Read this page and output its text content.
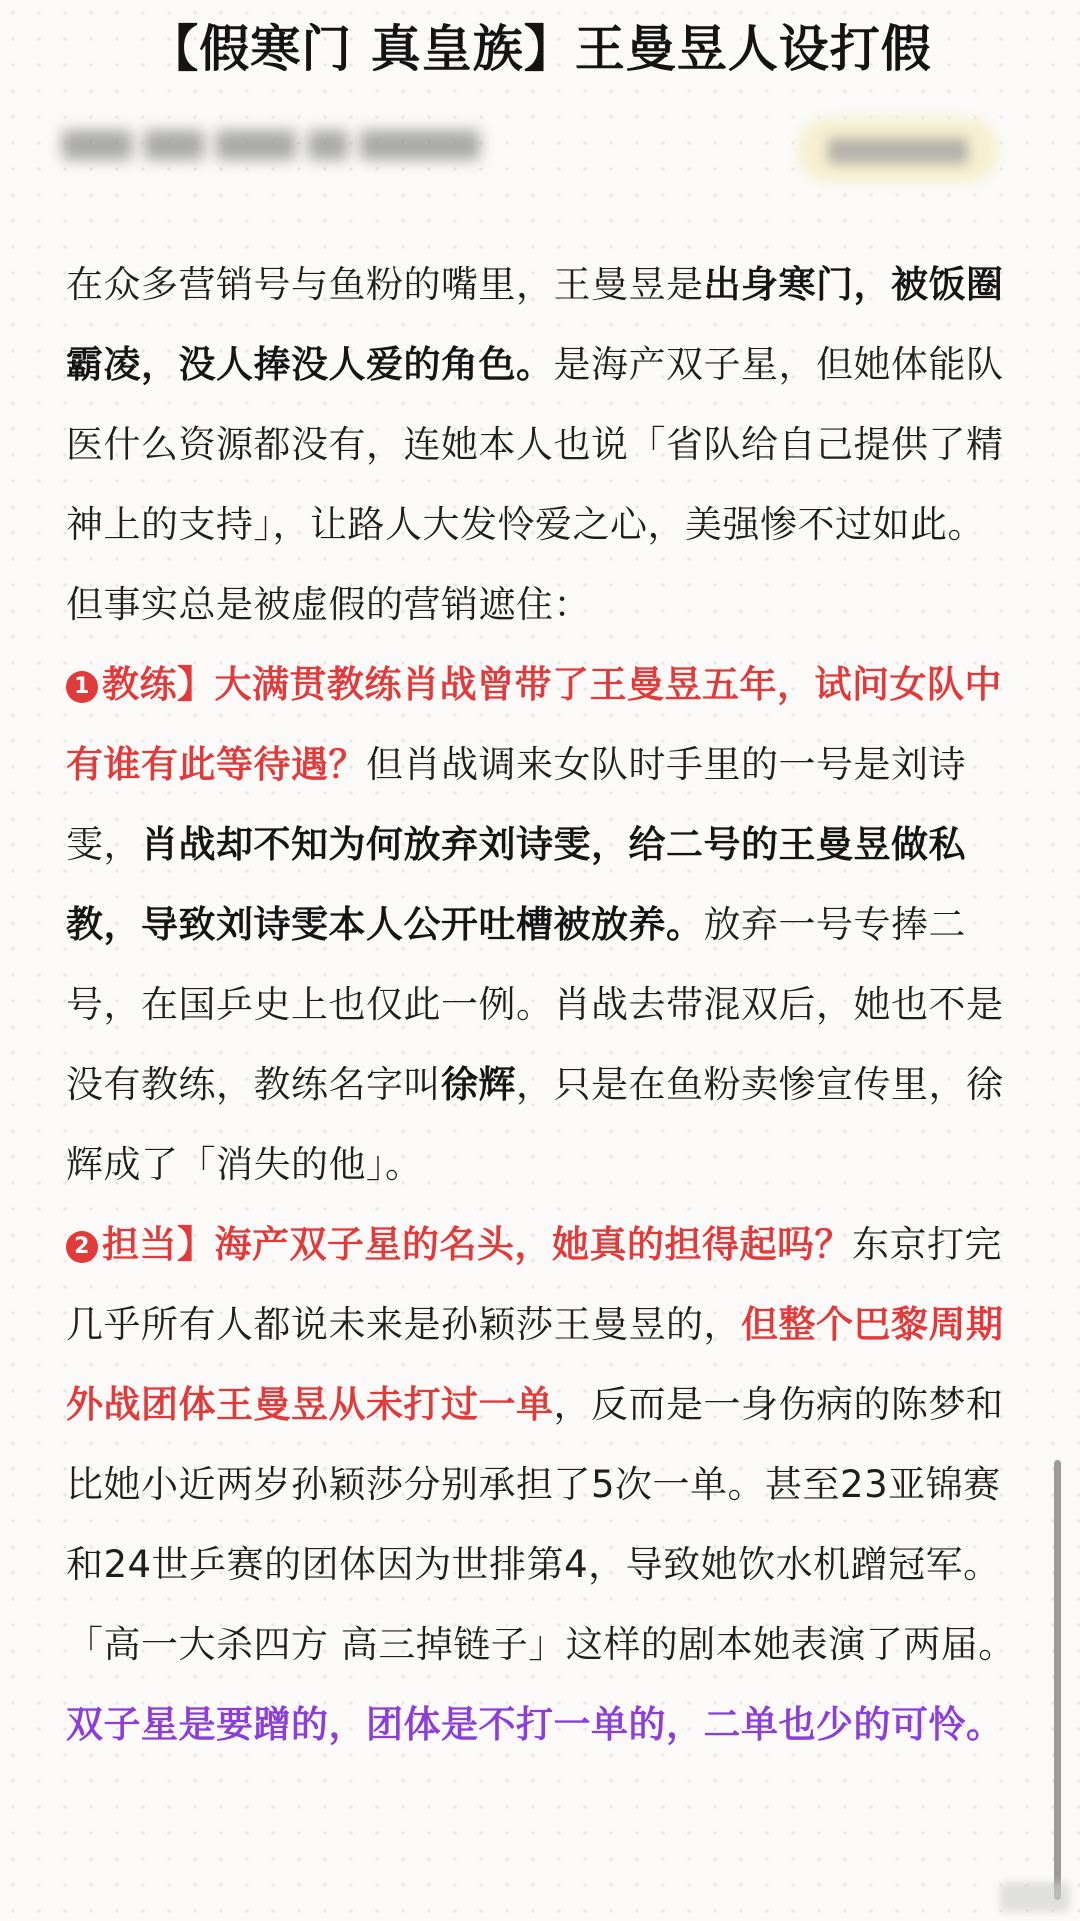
【假寒门 真皇族】王曼昱人设打假

在众多营销号与鱼粉的嘴里，王曼昱是出身寒门，被饭圈霸凌，没人捧没人爱的角色。是海产双子星，但她体能队医什么资源都没有，连她本人也说「省队给自己提供了精神上的支持」，让路人大发怜爱之心，美强惨不过如此。但事实总是被虚假的营销遮住：

1 教练】大满贯教练肖战曾带了王曼昱五年，试问女队中有谁有此等待遇？但肖战调来女队时手里的一号是刘诗雯，肖战却不知为何放弃刘诗雯，给二号的王曼昱做私教，导致刘诗雯本人公开吐槽被放养。放弃一号专捧二号，在国乒史上也仅此一例。肖战去带混双后，她也不是没有教练，教练名字叫徐辉，只是在鱼粉卖惨宣传里，徐辉成了「消失的他」。

2 担当】海产双子星的名头，她真的担得起吗？东京打完几乎所有人都说未来是孙颖莎王曼昱的，但整个巴黎周期外战团体王曼昱从未打过一单，反而是一身伤病的陈梦和比她小近两岁孙颖莎分别承担了5次一单。甚至23亚锦赛和24世乒赛的团体因为世排第4，导致她饮水机蹭冠军。「高一大杀四方 高三掉链子」这样的剧本她表演了两届。双子星是要蹭的，团体是不打一单的，二单也少的可怜。
